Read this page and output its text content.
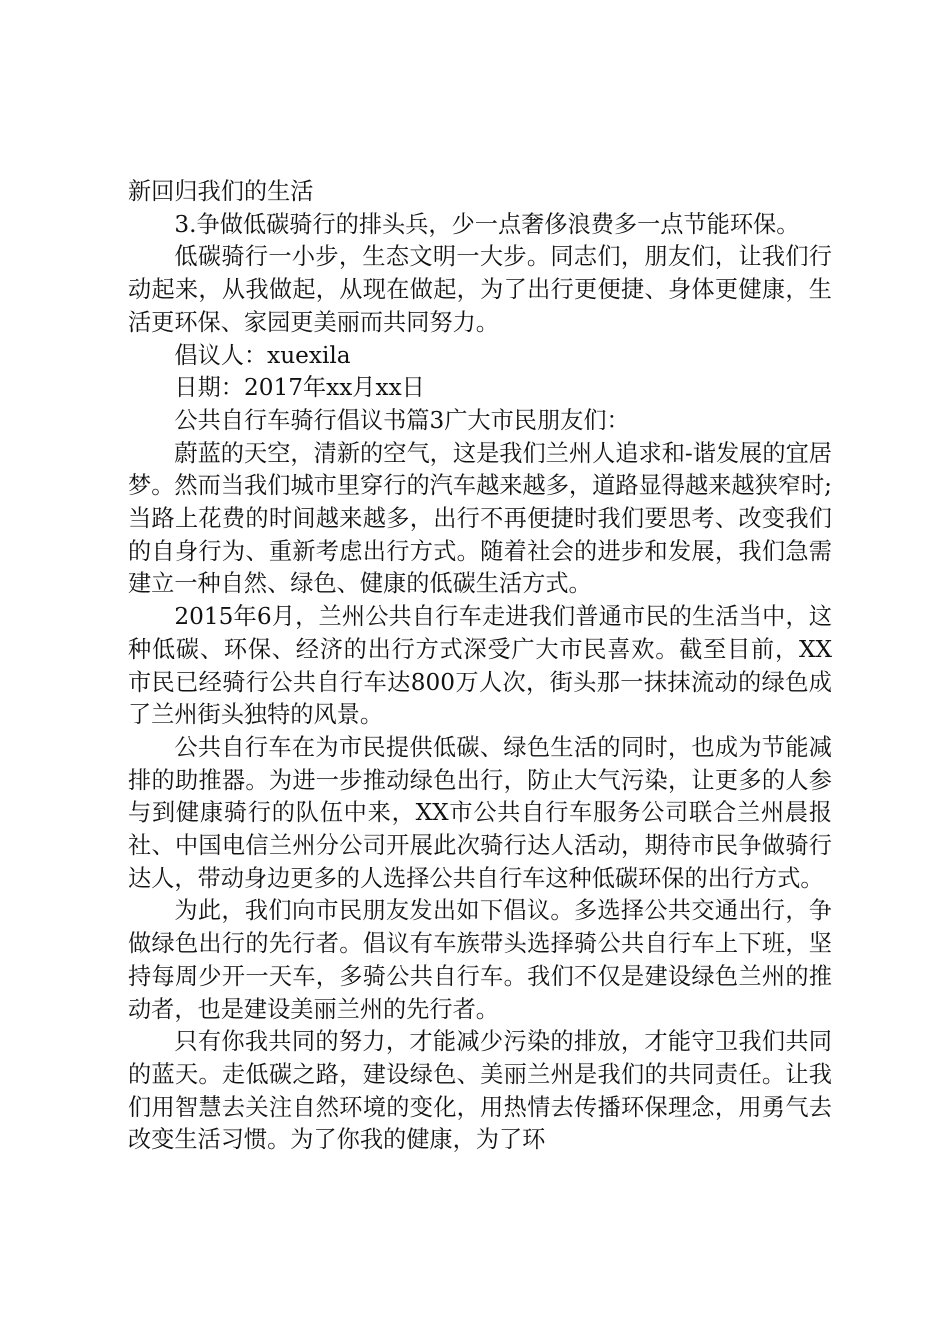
新回归我们的生活

3.争做低碳骑行的排头兵，少一点奢侈浪费多一点节能环保。

低碳骑行一小步，生态文明一大步。同志们，朋友们，让我们行动起来，从我做起，从现在做起，为了出行更便捷、身体更健康，生活更环保、家园更美丽而共同努力。

倡议人：xuexila

日期：2017年xx月xx日

公共自行车骑行倡议书篇3广大市民朋友们：

蔚蓝的天空，清新的空气，这是我们兰州人追求和-谐发展的宜居梦。然而当我们城市里穿行的汽车越来越多，道路显得越来越狭窄时;当路上花费的时间越来越多，出行不再便捷时我们要思考、改变我们的自身行为、重新考虑出行方式。随着社会的进步和发展，我们急需建立一种自然、绿色、健康的低碳生活方式。

2015年6月，兰州公共自行车走进我们普通市民的生活当中，这种低碳、环保、经济的出行方式深受广大市民喜欢。截至目前，XX市民已经骑行公共自行车达800万人次，街头那一抹抹流动的绿色成了兰州街头独特的风景。

公共自行车在为市民提供低碳、绿色生活的同时，也成为节能减排的助推器。为进一步推动绿色出行，防止大气污染，让更多的人参与到健康骑行的队伍中来，XX市公共自行车服务公司联合兰州晨报社、中国电信兰州分公司开展此次骑行达人活动，期待市民争做骑行达人，带动身边更多的人选择公共自行车这种低碳环保的出行方式。

为此，我们向市民朋友发出如下倡议。多选择公共交通出行，争做绿色出行的先行者。倡议有车族带头选择骑公共自行车上下班，坚持每周少开一天车，多骑公共自行车。我们不仅是建设绿色兰州的推动者，也是建设美丽兰州的先行者。

只有你我共同的努力，才能减少污染的排放，才能守卫我们共同的蓝天。走低碳之路，建设绿色、美丽兰州是我们的共同责任。让我们用智慧去关注自然环境的变化，用热情去传播环保理念，用勇气去改变生活习惯。为了你我的健康，为了环
